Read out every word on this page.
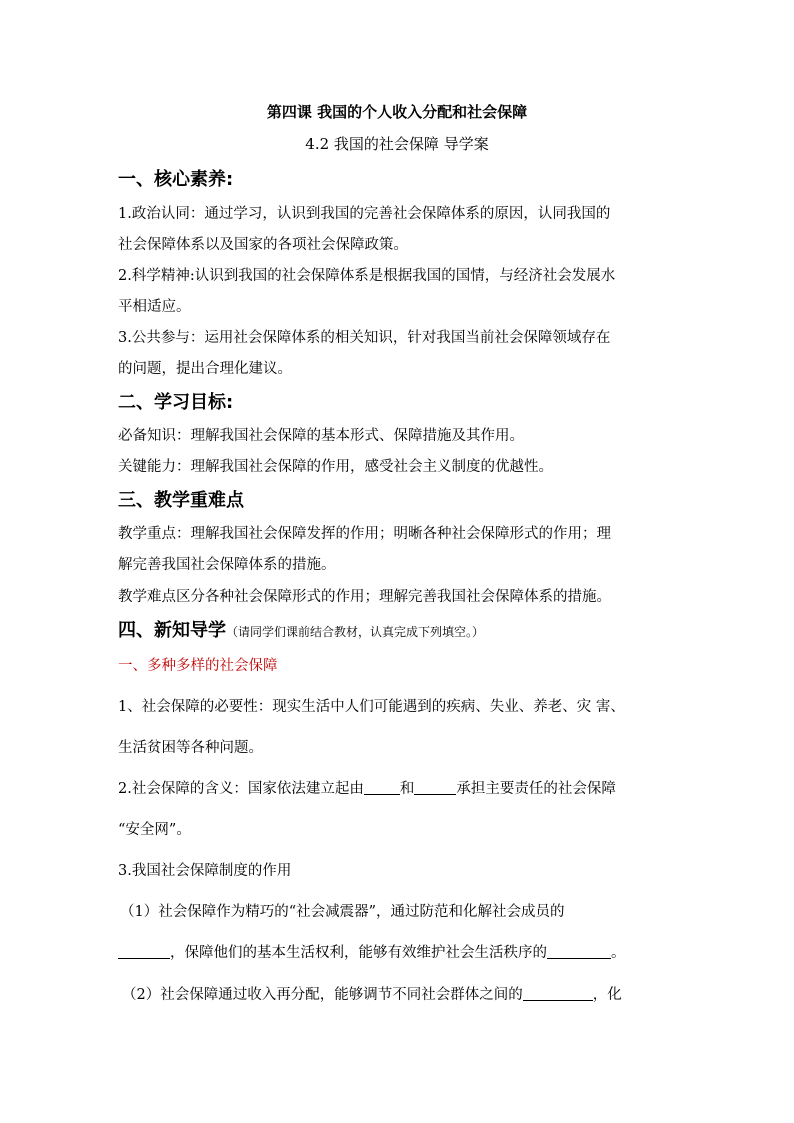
第四课 我国的个人收入分配和社会保障
4.2 我国的社会保障 导学案
一、核心素养:
1.政治认同：通过学习，认识到我国的完善社会保障体系的原因，认同我国的
社会保障体系以及国家的各项社会保障政策。
2.科学精神:认识到我国的社会保障体系是根据我国的国情，与经济社会发展水
平相适应。
3.公共参与：运用社会保障体系的相关知识，针对我国当前社会保障领域存在
的问题，提出合理化建议。
二、学习目标:
必备知识：理解我国社会保障的基本形式、保障措施及其作用。
关键能力：理解我国社会保障的作用，感受社会主义制度的优越性。
三、教学重难点
教学重点：理解我国社会保障发挥的作用；明晰各种社会保障形式的作用；理
解完善我国社会保障体系的措施。
教学难点区分各种社会保障形式的作用；理解完善我国社会保障体系的措施。
四、新知导学（请同学们课前结合教材，认真完成下列填空。）
一、多种多样的社会保障
1、社会保障的必要性：现实生活中人们可能遇到的疾病、失业、养老、灾 害、
生活贫困等各种问题。
2.社会保障的含义：国家依法建立起由 和	承担主要责任的社会保障
“安全网”。
3.我国社会保障制度的作用
（1）社会保障作为精巧的“社会减震器”，通过防范和化解社会成员的
，保障他们的基本生活权利，能够有效维护社会生活秩序的	。
（2）社会保障通过收入再分配，能够调节不同社会群体之间的	，化
